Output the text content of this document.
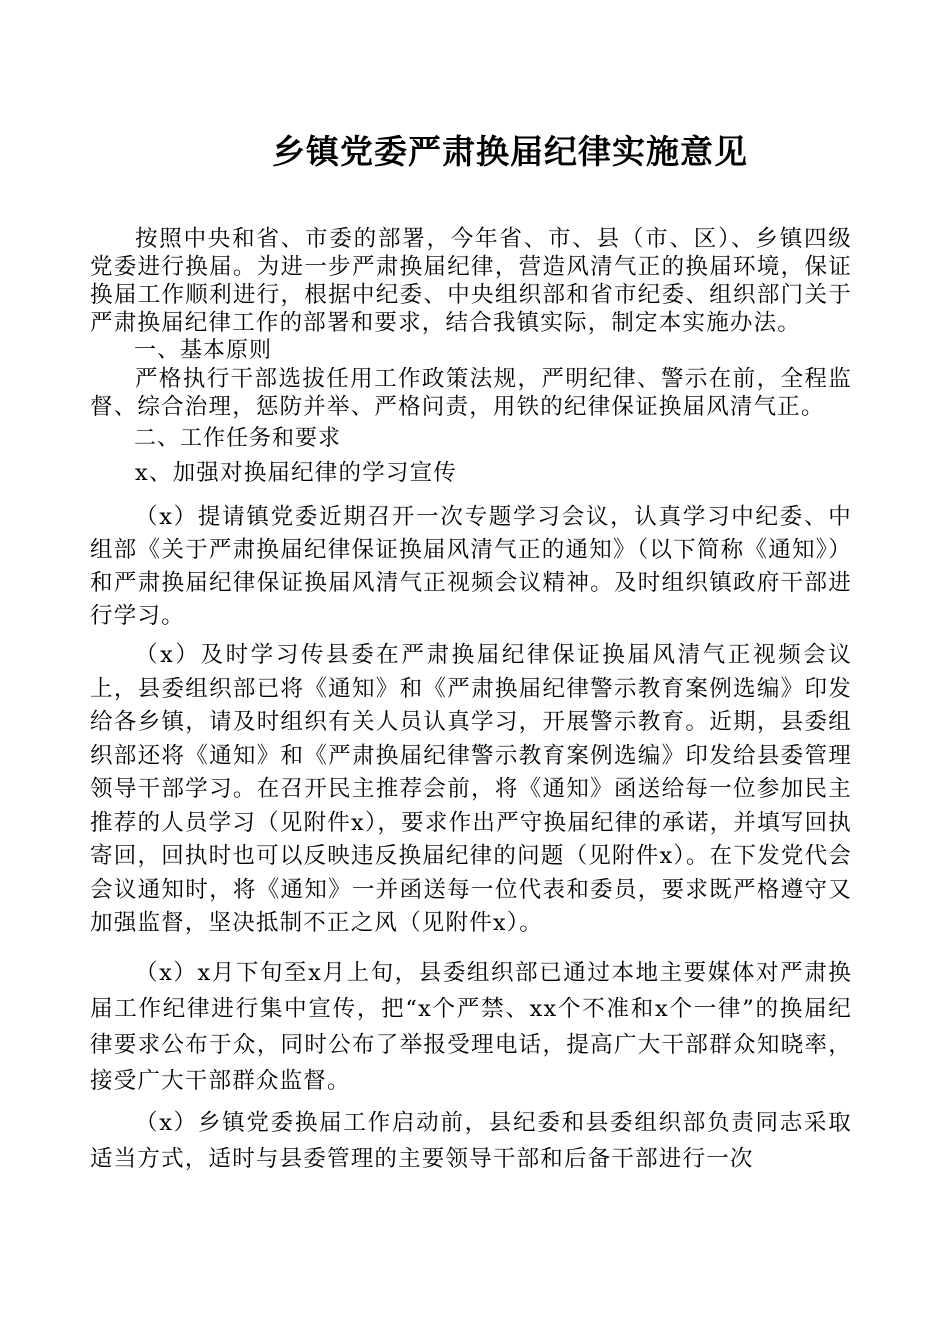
乡镇党委严肃换届纪律实施意见

按照中央和省、市委的部署，今年省、市、县（市、区）、乡镇四级党委进行换届。为进一步严肃换届纪律，营造风清气正的换届环境，保证换届工作顺利进行，根据中纪委、中央组织部和省市纪委、组织部门关于严肃换届纪律工作的部署和要求，结合我镇实际，制定本实施办法。

一、基本原则

严格执行干部选拔任用工作政策法规，严明纪律、警示在前，全程监督、综合治理，惩防并举、严格问责，用铁的纪律保证换届风清气正。

二、工作任务和要求

x、加强对换届纪律的学习宣传

（x）提请镇党委近期召开一次专题学习会议，认真学习中纪委、中组部《关于严肃换届纪律保证换届风清气正的通知》（以下简称《通知》）和严肃换届纪律保证换届风清气正视频会议精神。及时组织镇政府干部进行学习。

（x）及时学习传县委在严肃换届纪律保证换届风清气正视频会议上，县委组织部已将《通知》和《严肃换届纪律警示教育案例选编》印发给各乡镇，请及时组织有关人员认真学习，开展警示教育。近期，县委组织部还将《通知》和《严肃换届纪律警示教育案例选编》印发给县委管理领导干部学习。在召开民主推荐会前，将《通知》函送给每一位参加民主推荐的人员学习（见附件x），要求作出严守换届纪律的承诺，并填写回执寄回，回执时也可以反映违反换届纪律的问题（见附件x）。在下发党代会会议通知时，将《通知》一并函送每一位代表和委员，要求既严格遵守又加强监督，坚决抵制不正之风（见附件x）。

（x）x月下旬至x月上旬，县委组织部已通过本地主要媒体对严肃换届工作纪律进行集中宣传，把“x个严禁、xx个不准和x个一律”的换届纪律要求公布于众，同时公布了举报受理电话，提高广大干部群众知晓率，接受广大干部群众监督。

（x）乡镇党委换届工作启动前，县纪委和县委组织部负责同志采取适当方式，适时与县委管理的主要领导干部和后备干部进行一次
